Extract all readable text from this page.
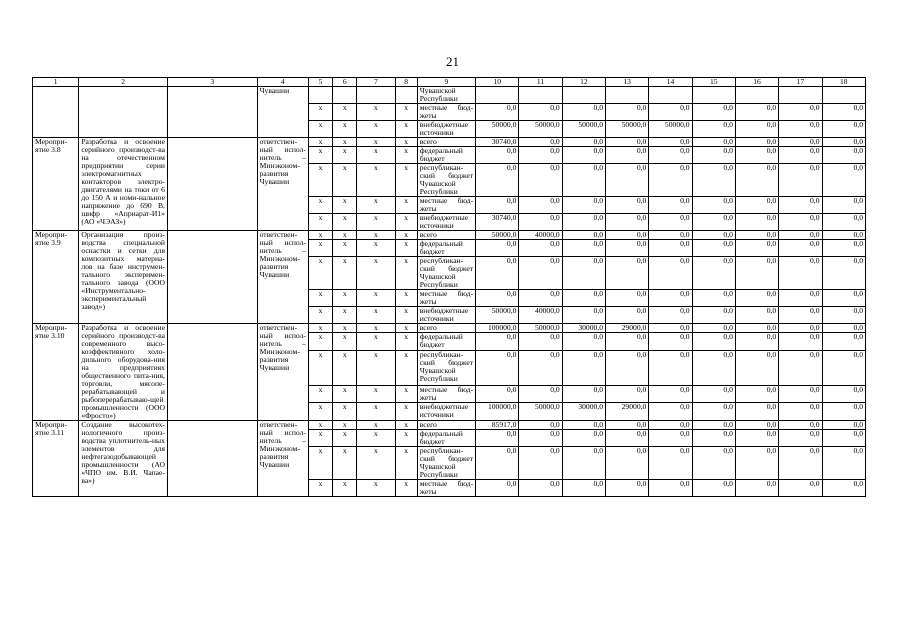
21
1	2	3	4	5	6	7	8	9	10	11	12	13	14	15	16	17	18
			Чувашии					Чувашской Республики									
				x	x	x	x	местные бюд-жеты	0,0	0,0	0,0	0,0	0,0	0,0	0,0	0,0	0,0
				x	x	x	x	внебюджетные источники	50000,0	50000,0	50000,0	50000,0	50000,0	0,0	0,0	0,0	0,0
Меропри-ятие 3.8	Разработка и освоение серийного производст-ва на отечественном предприятии серии электромагнитных контакторов электро-двигателями на токи от 6 до 150 А и номи-нальное напряжение до 690 В, шифр «Априарат-И1» (АО «ЧЭАЗ»)		ответствен-ный испол-нитель – Минэконом-развития Чувашии	x	x	x	x	всего	30740,0	0,0	0,0	0,0	0,0	0,0	0,0	0,0	0,0
				x	x	x	x	федеральный бюджет	0,0	0,0	0,0	0,0	0,0	0,0	0,0	0,0	0,0
				x	x	x	x	республикан-ский бюджет Чувашской Республики	0,0	0,0	0,0	0,0	0,0	0,0	0,0	0,0	0,0
				x	x	x	x	местные бюд-жеты	0,0	0,0	0,0	0,0	0,0	0,0	0,0	0,0	0,0
				x	x	x	x	внебюджетные источники	30740,0	0,0	0,0	0,0	0,0	0,0	0,0	0,0	0,0
Меропри-ятие 3.9	Организация произ-водства специальной оснастки и сетки для композитных материа-лов на базе инструмен-тального эксперимен-тального завода (ООО «Инструментально-экспериментальный завод»)		ответствен-ный испол-нитель – Минэконом-развития Чувашии	x	x	x	x	всего	50000,0	40000,0	0,0	0,0	0,0	0,0	0,0	0,0	0,0
				x	x	x	x	федеральный бюджет	0,0	0,0	0,0	0,0	0,0	0,0	0,0	0,0	0,0
				x	x	x	x	республикан-ский бюджет Чувашской Республики	0,0	0,0	0,0	0,0	0,0	0,0	0,0	0,0	0,0
				x	x	x	x	местные бюд-жеты	0,0	0,0	0,0	0,0	0,0	0,0	0,0	0,0	0,0
				x	x	x	x	внебюджетные источники	50000,0	40000,0	0,0	0,0	0,0	0,0	0,0	0,0	0,0
Меропри-ятие 3.10	Разработка и освоение серийного производст-ва современного высо-коэффективного холо-дильного оборудова-ния на предприятиях общественного пита-ния, торговли, мясопе-рерабатывающей и рыбоперерабатываю-щей промышленности (ООО «Фросто»)		ответствен-ный испол-нитель – Минэконом-развития Чувашии	x	x	x	x	всего	100000,0	50000,0	30000,0	29000,0	0,0	0,0	0,0	0,0	0,0
				x	x	x	x	федеральный бюджет	0,0	0,0	0,0	0,0	0,0	0,0	0,0	0,0	0,0
				x	x	x	x	республикан-ский бюджет Чувашской Республики	0,0	0,0	0,0	0,0	0,0	0,0	0,0	0,0	0,0
				x	x	x	x	местные бюд-жеты	0,0	0,0	0,0	0,0	0,0	0,0	0,0	0,0	0,0
				x	x	x	x	внебюджетные источники	100000,0	50000,0	30000,0	29000,0	0,0	0,0	0,0	0,0	0,0
Меропри-ятие 3.11	Создание высокотех-нологичного произ-водства уплотнитель-ных элементов для нефтегазодобывающей промышленности (АО «ЧПО им. В.И. Чапае-ва»)		ответствен-ный испол-нитель – Минэконом-развития Чувашии	x	x	x	x	всего	85917,0	0,0	0,0	0,0	0,0	0,0	0,0	0,0	0,0
				x	x	x	x	федеральный бюджет	0,0	0,0	0,0	0,0	0,0	0,0	0,0	0,0	0,0
				x	x	x	x	республикан-ский бюджет Чувашской Республики	0,0	0,0	0,0	0,0	0,0	0,0	0,0	0,0	0,0
				x	x	x	x	местные бюд-жеты	0,0	0,0	0,0	0,0	0,0	0,0	0,0	0,0	0,0
